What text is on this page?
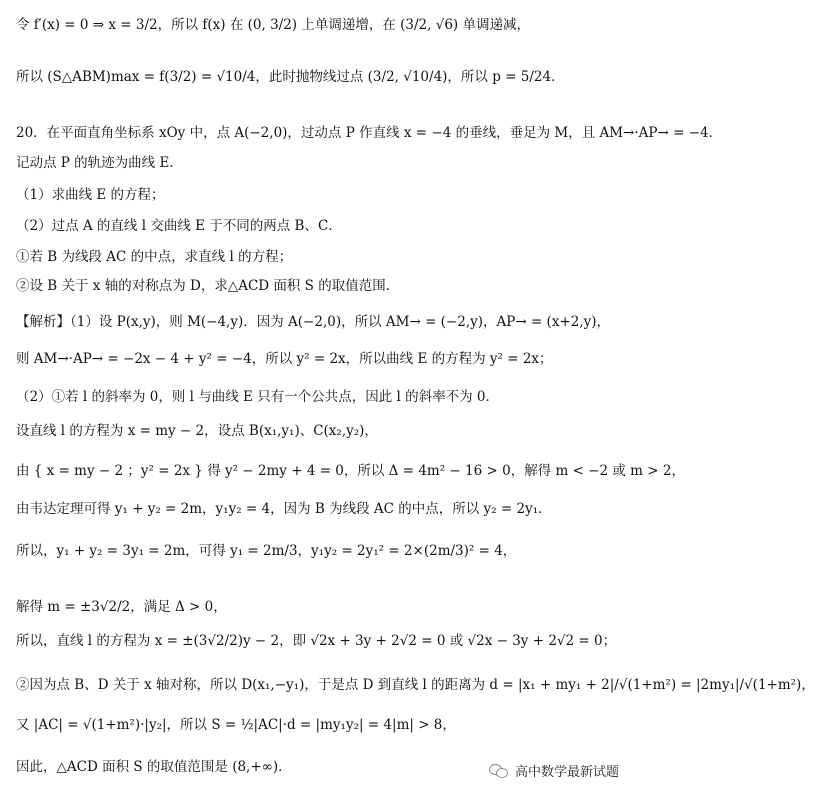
令 f′(x) = 0 ⇒ x = 3/2，所以 f(x) 在 (0, 3/2) 上单调递增，在 (3/2, √6) 单调递减，
所以 (S△ABM)max = f(3/2) = √10/4，此时抛物线过点 (3/2, √10/4)，所以 p = 5/24．
20．在平面直角坐标系 xOy 中，点 A(−2,0)，过动点 P 作直线 x = −4 的垂线，垂足为 M，且 AM→·AP→ = −4．
记动点 P 的轨迹为曲线 E．
（1）求曲线 E 的方程；
（2）过点 A 的直线 l 交曲线 E 于不同的两点 B、C．
①若 B 为线段 AC 的中点，求直线 l 的方程；
②设 B 关于 x 轴的对称点为 D，求△ACD 面积 S 的取值范围．
【解析】（1）设 P(x,y)，则 M(−4,y)．因为 A(−2,0)，所以 AM→ = (−2,y)，AP→ = (x+2,y)，
则 AM→·AP→ = −2x − 4 + y² = −4，所以 y² = 2x，所以曲线 E 的方程为 y² = 2x；
（2）①若 l 的斜率为 0，则 l 与曲线 E 只有一个公共点，因此 l 的斜率不为 0．
设直线 l 的方程为 x = my − 2，设点 B(x₁,y₁)、C(x₂,y₂)，
由 { x = my − 2 ；y² = 2x } 得 y² − 2my + 4 = 0，所以 Δ = 4m² − 16 > 0，解得 m < −2 或 m > 2，
由韦达定理可得 y₁ + y₂ = 2m，y₁y₂ = 4，因为 B 为线段 AC 的中点，所以 y₂ = 2y₁．
所以，y₁ + y₂ = 3y₁ = 2m，可得 y₁ = 2m/3，y₁y₂ = 2y₁² = 2×(2m/3)² = 4，
解得 m = ±3√2/2，满足 Δ > 0，
所以，直线 l 的方程为 x = ±(3√2/2)y − 2，即 √2x + 3y + 2√2 = 0 或 √2x − 3y + 2√2 = 0；
②因为点 B、D 关于 x 轴对称，所以 D(x₁,−y₁)，于是点 D 到直线 l 的距离为 d = |x₁ + my₁ + 2|/√(1+m²) = |2my₁|/√(1+m²)，
又 |AC| = √(1+m²)·|y₂|，所以 S = ½|AC|·d = |my₁y₂| = 4|m| > 8，
因此，△ACD 面积 S 的取值范围是 (8,+∞)．	高中数学最新试题
